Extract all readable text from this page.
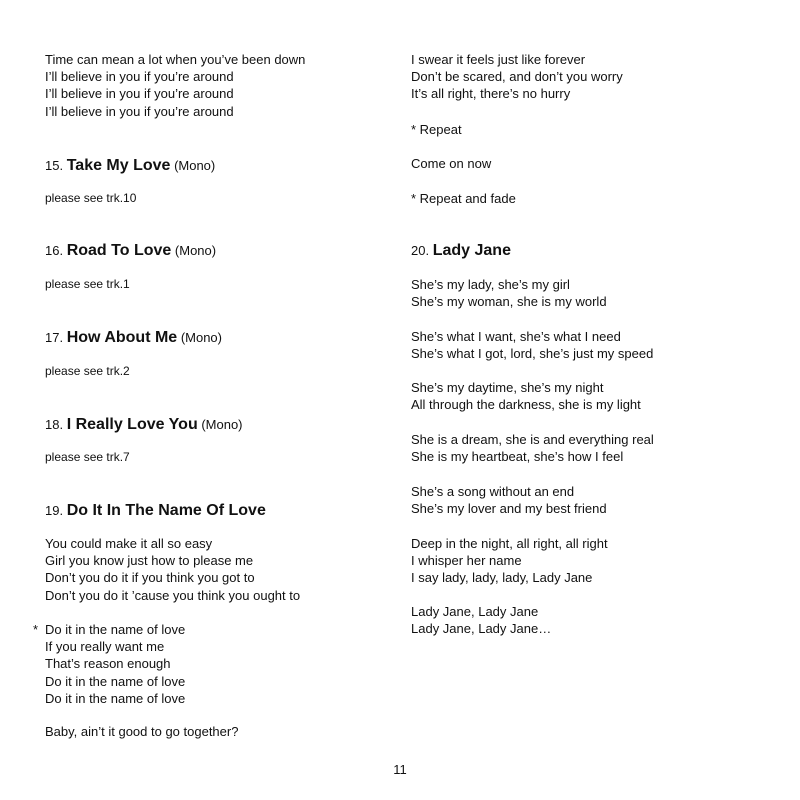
Time can mean a lot when you’ve been down
I’ll believe in you if you’re around
I’ll believe in you if you’re around
I’ll believe in you if you’re around
15. Take My Love (Mono)
please see trk.10
16. Road To Love (Mono)
please see trk.1
17. How About Me (Mono)
please see trk.2
18. I Really Love You (Mono)
please see trk.7
19. Do It In The Name Of Love
You could make it all so easy
Girl you know just how to please me
Don’t you do it if you think you got to
Don’t you do it ’cause you think you ought to
* Do it in the name of love
If you really want me
That’s reason enough
Do it in the name of love
Do it in the name of love
Baby, ain’t it good to go together?
I swear it feels just like forever
Don’t be scared, and don’t you worry
It’s all right, there’s no hurry
* Repeat
Come on now
* Repeat and fade
20. Lady Jane
She’s my lady, she’s my girl
She’s my woman, she is my world
She’s what I want, she’s what I need
She’s what I got, lord, she’s just my speed
She’s my daytime, she’s my night
All through the darkness, she is my light
She is a dream, she is and everything real
She is my heartbeat, she’s how I feel
She’s a song without an end
She’s my lover and my best friend
Deep in the night, all right, all right
I whisper her name
I say lady, lady, lady, Lady Jane
Lady Jane, Lady Jane
Lady Jane, Lady Jane…
11
